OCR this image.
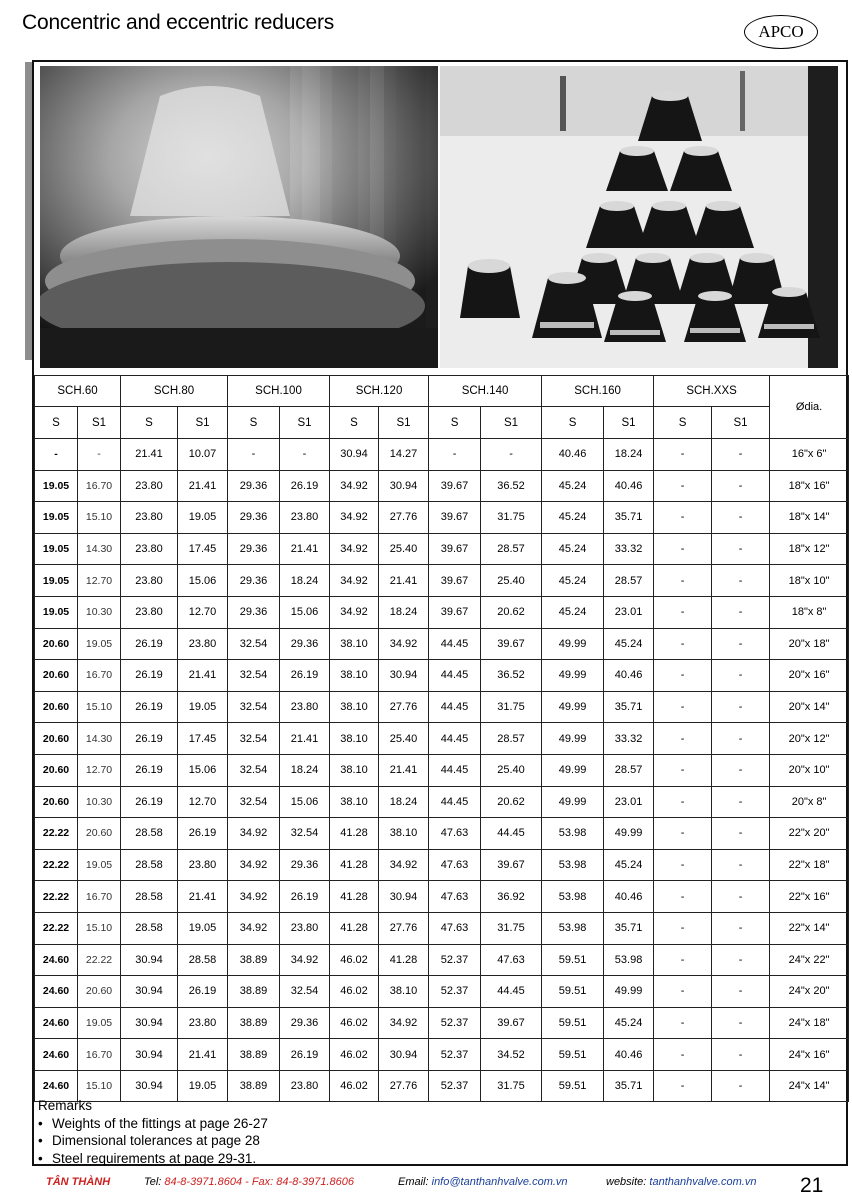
Concentric and eccentric reducers	APCO
SCH.60		SCH.80		SCH.100		SCH.120		SCH.140		SCH.160		SCH.XXS		Ødia.
S	S1	S	S1	S	S1	S	S1	S	S1	S	S1	S	S1	
-	-	21.41	10.07	-	-	30.94	14.27	-	-	40.46	18.24	-	-	16"x 6"
19.05	16.70	23.80	21.41	29.36	26.19	34.92	30.94	39.67	36.52	45.24	40.46	-	-	18"x 16"
19.05	15.10	23.80	19.05	29.36	23.80	34.92	27.76	39.67	31.75	45.24	35.71	-	-	18"x 14"
19.05	14.30	23.80	17.45	29.36	21.41	34.92	25.40	39.67	28.57	45.24	33.32	-	-	18"x 12"
19.05	12.70	23.80	15.06	29.36	18.24	34.92	21.41	39.67	25.40	45.24	28.57	-	-	18"x 10"
19.05	10.30	23.80	12.70	29.36	15.06	34.92	18.24	39.67	20.62	45.24	23.01	-	-	18"x 8"
20.60	19.05	26.19	23.80	32.54	29.36	38.10	34.92	44.45	39.67	49.99	45.24	-	-	20"x 18"
20.60	16.70	26.19	21.41	32.54	26.19	38.10	30.94	44.45	36.52	49.99	40.46	-	-	20"x 16"
20.60	15.10	26.19	19.05	32.54	23.80	38.10	27.76	44.45	31.75	49.99	35.71	-	-	20"x 14"
20.60	14.30	26.19	17.45	32.54	21.41	38.10	25.40	44.45	28.57	49.99	33.32	-	-	20"x 12"
20.60	12.70	26.19	15.06	32.54	18.24	38.10	21.41	44.45	25.40	49.99	28.57	-	-	20"x 10"
20.60	10.30	26.19	12.70	32.54	15.06	38.10	18.24	44.45	20.62	49.99	23.01	-	-	20"x 8"
22.22	20.60	28.58	26.19	34.92	32.54	41.28	38.10	47.63	44.45	53.98	49.99	-	-	22"x 20"
22.22	19.05	28.58	23.80	34.92	29.36	41.28	34.92	47.63	39.67	53.98	45.24	-	-	22"x 18"
22.22	16.70	28.58	21.41	34.92	26.19	41.28	30.94	47.63	36.92	53.98	40.46	-	-	22"x 16"
22.22	15.10	28.58	19.05	34.92	23.80	41.28	27.76	47.63	31.75	53.98	35.71	-	-	22"x 14"
24.60	22.22	30.94	28.58	38.89	34.92	46.02	41.28	52.37	47.63	59.51	53.98	-	-	24"x 22"
24.60	20.60	30.94	26.19	38.89	32.54	46.02	38.10	52.37	44.45	59.51	49.99	-	-	24"x 20"
24.60	19.05	30.94	23.80	38.89	29.36	46.02	34.92	52.37	39.67	59.51	45.24	-	-	24"x 18"
24.60	16.70	30.94	21.41	38.89	26.19	46.02	30.94	52.37	34.52	59.51	40.46	-	-	24"x 16"
24.60	15.10	30.94	19.05	38.89	23.80	46.02	27.76	52.37	31.75	59.51	35.71	-	-	24"x 14"
Remarks
• Weights of the fittings at page 26-27
• Dimensional tolerances at page 28
• Steel requirements at page 29-31.
TÂN THÀNH	Tel: 84-8-3971.8604 - Fax: 84-8-3971.8606	Email: info@tanthanhvalve.com.vn	website: tanthanhvalve.com.vn 21
